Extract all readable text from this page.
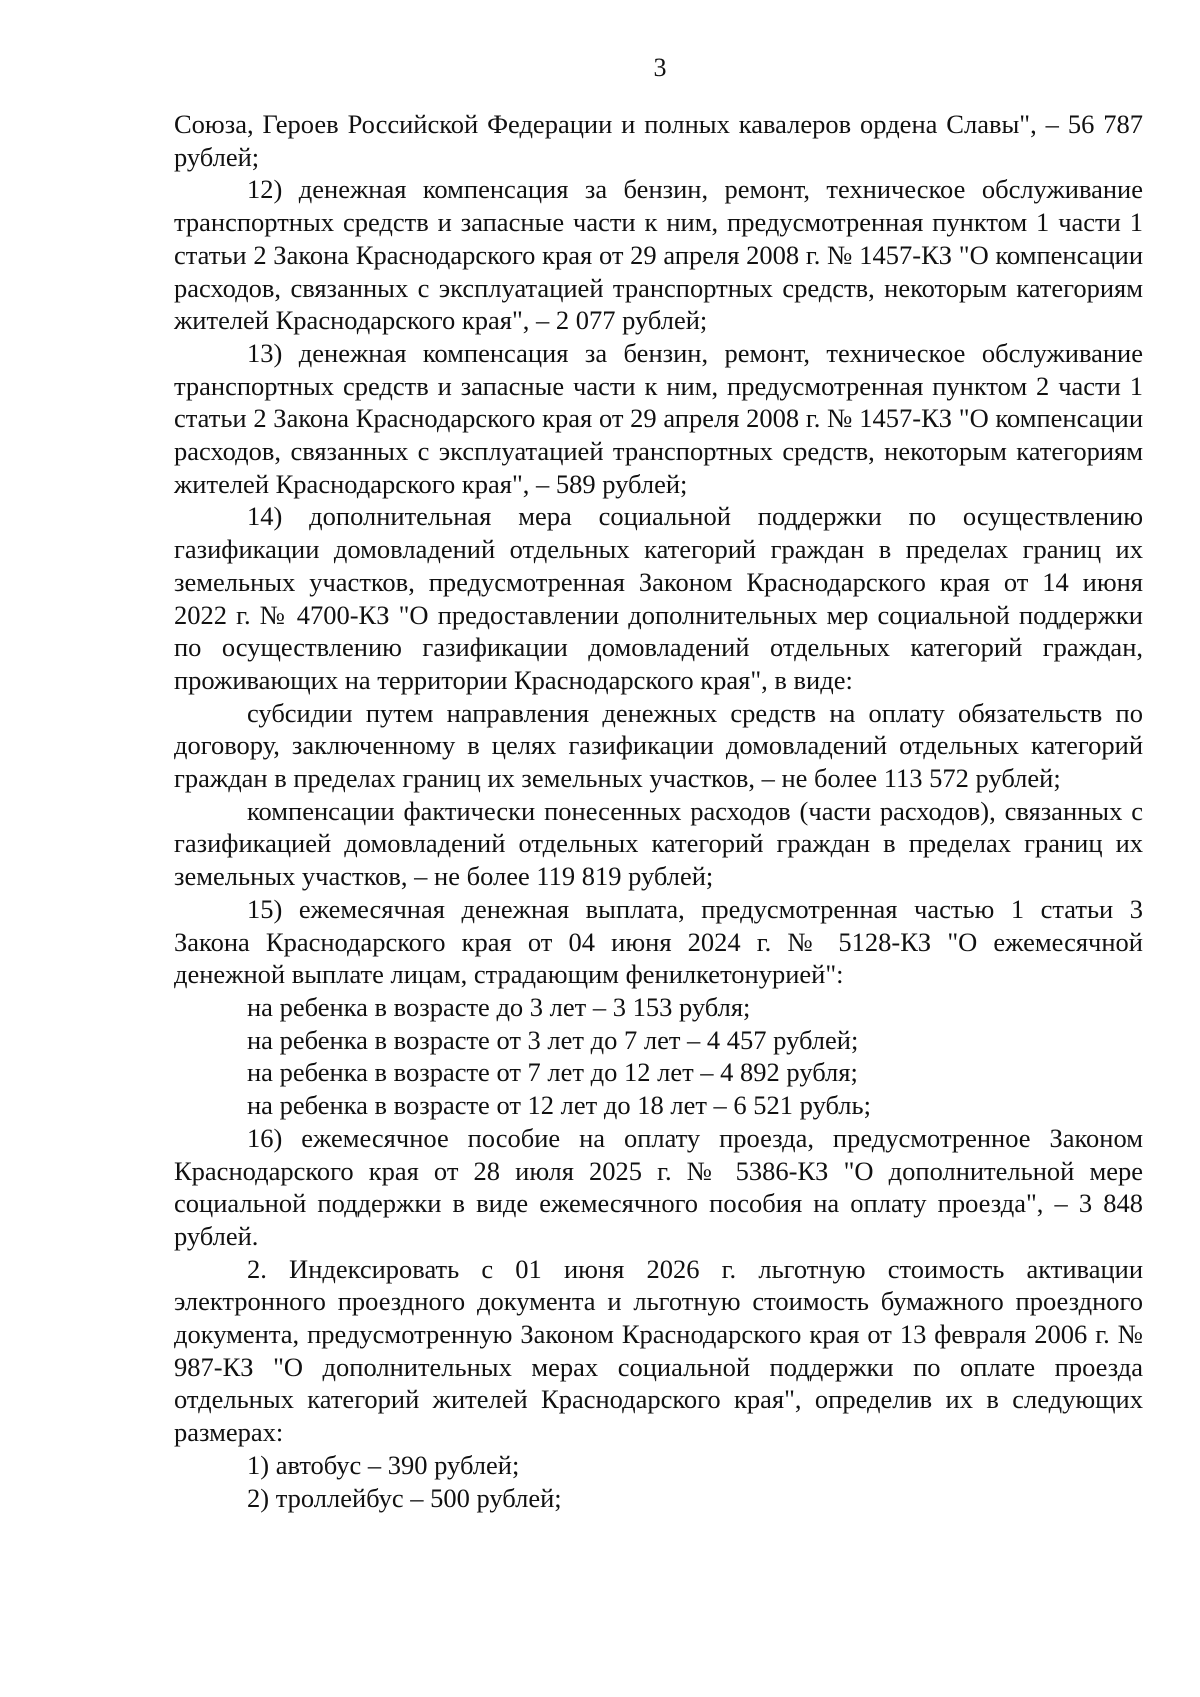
3

Союза, Героев Российской Федерации и полных кавалеров ордена Славы", – 56 787 рублей;

12) денежная компенсация за бензин, ремонт, техническое обслуживание транспортных средств и запасные части к ним, предусмотренная пунктом 1 части 1 статьи 2 Закона Краснодарского края от 29 апреля 2008 г. № 1457-КЗ "О компенсации расходов, связанных с эксплуатацией транспортных средств, некоторым категориям жителей Краснодарского края", – 2 077 рублей;

13) денежная компенсация за бензин, ремонт, техническое обслуживание транспортных средств и запасные части к ним, предусмотренная пунктом 2 части 1 статьи 2 Закона Краснодарского края от 29 апреля 2008 г. № 1457-КЗ "О компенсации расходов, связанных с эксплуатацией транспортных средств, некоторым категориям жителей Краснодарского края", – 589 рублей;

14) дополнительная мера социальной поддержки по осуществлению газификации домовладений отдельных категорий граждан в пределах границ их земельных участков, предусмотренная Законом Краснодарского края от 14 июня 2022 г. № 4700-КЗ "О предоставлении дополнительных мер социальной поддержки по осуществлению газификации домовладений отдельных категорий граждан, проживающих на территории Краснодарского края", в виде:

субсидии путем направления денежных средств на оплату обязательств по договору, заключенному в целях газификации домовладений отдельных категорий граждан в пределах границ их земельных участков, – не более 113 572 рублей;

компенсации фактически понесенных расходов (части расходов), связанных с газификацией домовладений отдельных категорий граждан в пределах границ их земельных участков, – не более 119 819 рублей;

15) ежемесячная денежная выплата, предусмотренная частью 1 статьи 3 Закона Краснодарского края от 04 июня 2024 г. № 5128-КЗ "О ежемесячной денежной выплате лицам, страдающим фенилкетонурией":

на ребенка в возрасте до 3 лет – 3 153 рубля;

на ребенка в возрасте от 3 лет до 7 лет – 4 457 рублей;

на ребенка в возрасте от 7 лет до 12 лет – 4 892 рубля;

на ребенка в возрасте от 12 лет до 18 лет – 6 521 рубль;

16) ежемесячное пособие на оплату проезда, предусмотренное Законом Краснодарского края от 28 июля 2025 г. № 5386-КЗ "О дополнительной мере социальной поддержки в виде ежемесячного пособия на оплату проезда", – 3 848 рублей.

2. Индексировать с 01 июня 2026 г. льготную стоимость активации электронного проездного документа и льготную стоимость бумажного проездного документа, предусмотренную Законом Краснодарского края от 13 февраля 2006 г. № 987-КЗ "О дополнительных мерах социальной поддержки по оплате проезда отдельных категорий жителей Краснодарского края", определив их в следующих размерах:

1) автобус – 390 рублей;

2) троллейбус – 500 рублей;
